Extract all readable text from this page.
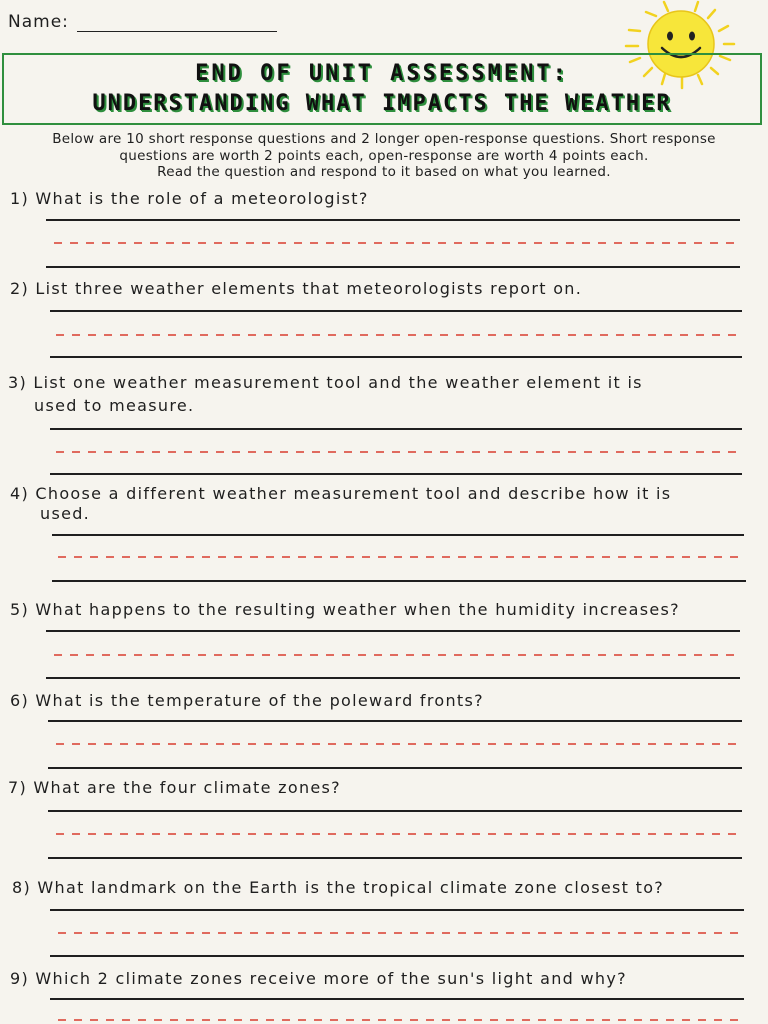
Name:
END OF UNIT ASSESSMENT:
UNDERSTANDING WHAT IMPACTS THE WEATHER
Below are 10 short response questions and 2 longer open-response questions. Short response
questions are worth 2 points each, open-response are worth 4 points each.
Read the question and respond to it based on what you learned.
1) What is the role of a meteorologist?
2) List three weather elements that meteorologists report on.
3) List one weather measurement tool and the weather element it is
used to measure.
4) Choose a different weather measurement tool and describe how it is
used.
5) What happens to the resulting weather when the humidity increases?
6) What is the temperature of the poleward fronts?
7) What are the four climate zones?
8) What landmark on the Earth is the tropical climate zone closest to?
9) Which 2 climate zones receive more of the sun's light and why?
